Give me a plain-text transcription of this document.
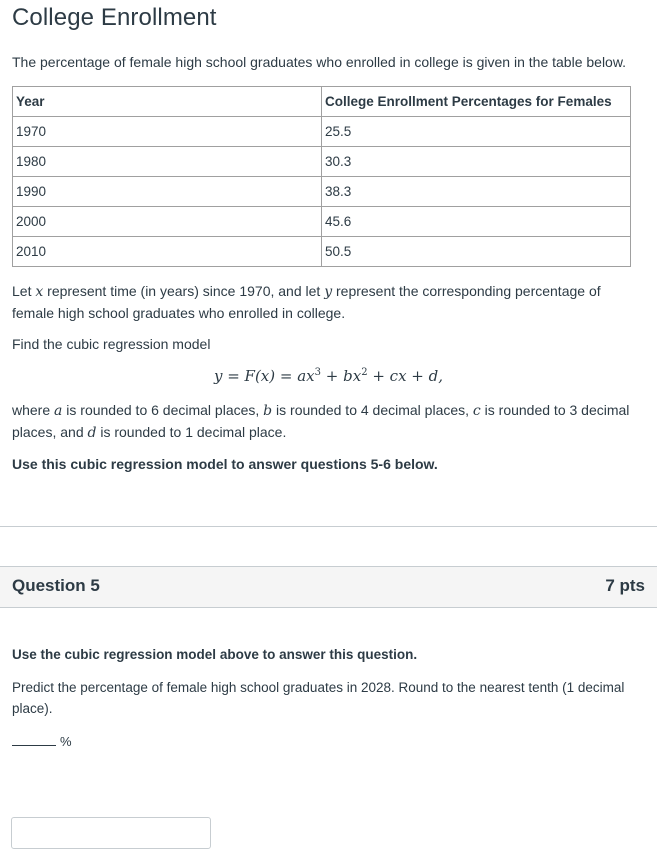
College Enrollment

The percentage of female high school graduates who enrolled in college is given in the table below.

Year	College Enrollment Percentages for Females
1970	25.5
1980	30.3
1990	38.3
2000	45.6
2010	50.5

Let x represent time (in years) since 1970, and let y represent the corresponding percentage of female high school graduates who enrolled in college.

Find the cubic regression model

$y = F(x) = ax^3 + bx^2$ + cx + d,

where a is rounded to 6 decimal places, b is rounded to 4 decimal places, c is rounded to 3 decimal places, and d is rounded to 1 decimal place.

Use this cubic regression model to answer questions 5-6 below.

Question 5	7 pts

Use the cubic regression model above to answer this question.

Predict the percentage of female high school graduates in 2028. Round to the nearest tenth (1 decimal place).

%
